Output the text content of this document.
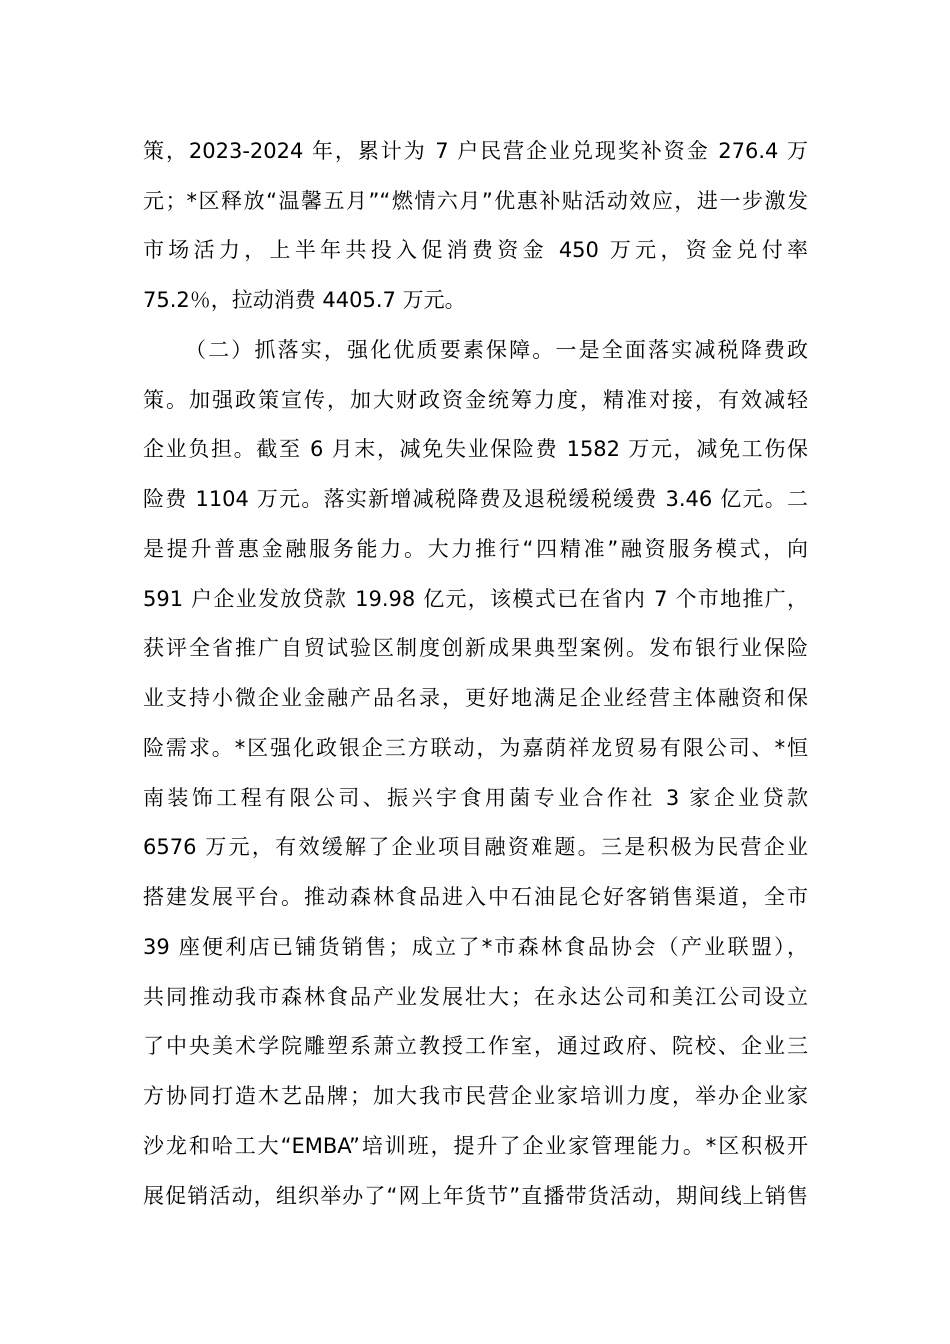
策，2023-2024 年，累计为 7 户民营企业兑现奖补资金 276.4 万
元；*区释放“温馨五月”“燃情六月”优惠补贴活动效应，进一步激发
市场活力，上半年共投入促消费资金 450 万元，资金兑付率
75.2％，拉动消费 4405.7 万元。
（二）抓落实，强化优质要素保障。一是全面落实减税降费政
策。加强政策宣传，加大财政资金统筹力度，精准对接，有效减轻
企业负担。截至 6 月末，减免失业保险费 1582 万元，减免工伤保
险费 1104 万元。落实新增减税降费及退税缓税缓费 3.46 亿元。二
是提升普惠金融服务能力。大力推行“四精准”融资服务模式，向
591 户企业发放贷款 19.98 亿元，该模式已在省内 7 个市地推广，
获评全省推广自贸试验区制度创新成果典型案例。发布银行业保险
业支持小微企业金融产品名录，更好地满足企业经营主体融资和保
险需求。*区强化政银企三方联动，为嘉荫祥龙贸易有限公司、*恒
南装饰工程有限公司、振兴宇食用菌专业合作社 3 家企业贷款
6576 万元，有效缓解了企业项目融资难题。三是积极为民营企业
搭建发展平台。推动森林食品进入中石油昆仑好客销售渠道，全市
39 座便利店已铺货销售；成立了*市森林食品协会（产业联盟），
共同推动我市森林食品产业发展壮大；在永达公司和美江公司设立
了中央美术学院雕塑系萧立教授工作室，通过政府、院校、企业三
方协同打造木艺品牌；加大我市民营企业家培训力度，举办企业家
沙龙和哈工大“EMBA”培训班，提升了企业家管理能力。*区积极开
展促销活动，组织举办了“网上年货节”直播带货活动，期间线上销售
